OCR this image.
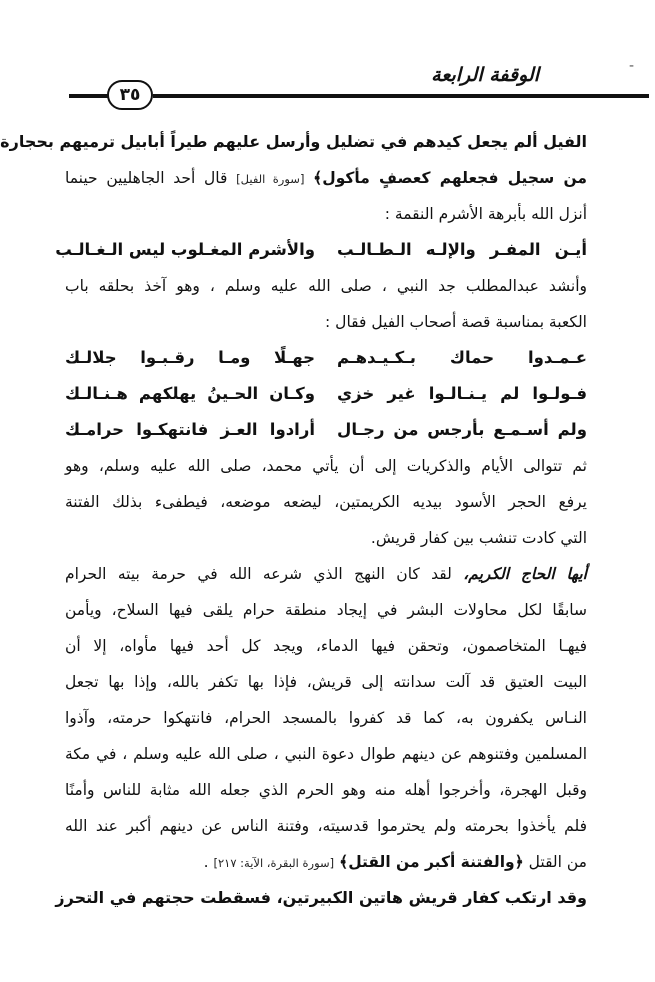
-
الوقفة الرابعة
٣٥
الفيل ألم يجعل كيدهم في تضليل وأرسل عليهم طيراً أبابيل ترميهم بحجارة
من سجيل فجعلهم كعصفٍ مأكول﴾ [سورة الفيل] قال أحد الجاهليين حينما
أنزل الله بأبرهة الأشرم النقمة :
أيـن المفـر والإلـه الـطـالـب
والأشرم المغـلوب ليس الـغـالـب
وأنشد عبدالمطلب جد النبي ، صلى الله عليه وسلم ، وهو آخذ بحلقه باب
الكعبة بمناسبة قصة أصحاب الفيل فقال :
عـمـدوا حماك بـكـيـدهـم
جهـلًا ومـا رقـبـوا جلالـك
فـولـوا لم يـنـالـوا غير خزي
وكـان الحـينُ يهلكهم هـنـالـك
ولم أسـمـع بأرجس من رجـال
أرادوا العـز فانتهكـوا حرامـك
ثم تتوالى الأيام والذكريات إلى أن يأتي محمد، صلى الله عليه وسلم، وهو
يرفع الحجر الأسود بيديه الكريمتين، ليضعه موضعه، فيطفىء بذلك الفتنة
التي كادت تنشب بين كفار قريش.
أيها الحاج الكريم، لقد كان النهج الذي شرعه الله في حرمة بيته الحرام
سابقًا لكل محاولات البشر في إيجاد منطقة حرام يلقى فيها السلاح، ويأمن
فيهـا المتخاصمون، وتحقن فيها الدماء، ويجد كل أحد فيها مأواه، إلا أن
البيت العتيق قد آلت سدانته إلى قريش، فإذا بها تكفر بالله، وإذا بها تجعل
النـاس يكفرون به، كما قد كفروا بالمسجد الحرام، فانتهكوا حرمته، وآذوا
المسلمين وفتنوهم عن دينهم طوال دعوة النبي ، صلى الله عليه وسلم ، في مكة
وقبل الهجرة، وأخرجوا أهله منه وهو الحرم الذي جعله الله مثابة للناس وأمنًا
فلم يأخذوا بحرمته ولم يحترموا قدسيته، وفتنة الناس عن دينهم أكبر عند الله
من القتل ﴿والفتنة أكبر من القتل﴾ [سورة البقرة، الآية: ٢١٧] .
وقد ارتكب كفار قريش هاتين الكبيرتين، فسقطت حجتهم في التحرز
